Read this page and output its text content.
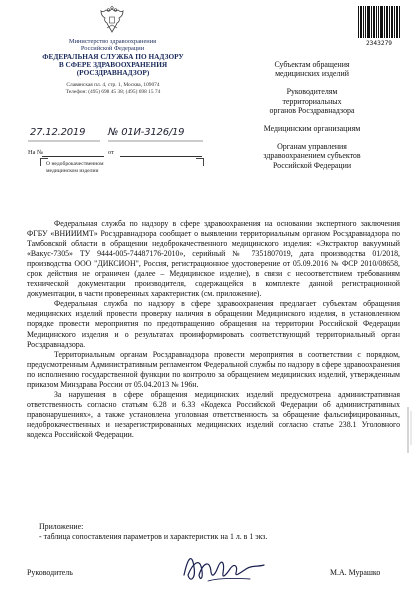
Министерство здравоохранения
Российской Федерации
ФЕДЕРАЛЬНАЯ СЛУЖБА ПО НАДЗОРУ
В СФЕРЕ ЗДРАВООХРАНЕНИЯ
(РОСЗДРАВНАДЗОР)
Славянская пл. 4, стр. 1, Москва, 109074
Телефон: (495) 698 45 38; (495) 698 15 74
27.12.2019 № 01И-3126/19
На №	от
О недоброкачественном
медицинском изделии
2343279
Субъектам обращения
медицинских изделий
Руководителям
территориальных
органов Росздравнадзора
Медицинским организациям
Органам управления
здравоохранением субъектов
Российской Федерации

Федеральная служба по надзору в сфере здравоохранения на основании экспертного заключения ФГБУ «ВНИИИМТ» Росздравнадзора сообщает о выявлении территориальным органом Росздравнадзора по Тамбовской области в обращении недоброкачественного медицинского изделия: «Экстрактор вакуумный «Вакус-7305» ТУ 9444-005-74487176-2010», серийный № 7351807019, дата производства 01/2018, производства ООО "ДИКСИОН", Россия, регистрационное удостоверение от 05.09.2016 № ФСР 2010/08658, срок действия не ограничен (далее – Медицинское изделие), в связи с несоответствием требованиям технической документации производителя, содержащейся в комплекте данной регистрационной документации, в части проверенных характеристик (см. приложение).

Федеральная служба по надзору в сфере здравоохранения предлагает субъектам обращения медицинских изделий провести проверку наличия в обращении Медицинского изделия, в установленном порядке провести мероприятия по предотвращению обращения на территории Российской Федерации Медицинского изделия и о результатах проинформировать соответствующий территориальный орган Росздравнадзора.

Территориальным органам Росздравнадзора провести мероприятия в соответствии с порядком, предусмотренным Административным регламентом Федеральной службы по надзору в сфере здравоохранения по исполнению государственной функции по контролю за обращением медицинских изделий, утвержденным приказом Минздрава России от 05.04.2013 № 196н.

За нарушения в сфере обращения медицинских изделий предусмотрена административная ответственность согласно статьям 6.28 и 6.33 «Кодекса Российской Федерации об административных правонарушениях», а также установлена уголовная ответственность за обращение фальсифицированных, недоброкачественных и незарегистрированных медицинских изделий согласно статье 238.1 Уголовного кодекса Российской Федерации.

Приложение:
- таблица сопоставления параметров и характеристик на 1 л. в 1 экз.
Руководитель	М.А. Мурашко
